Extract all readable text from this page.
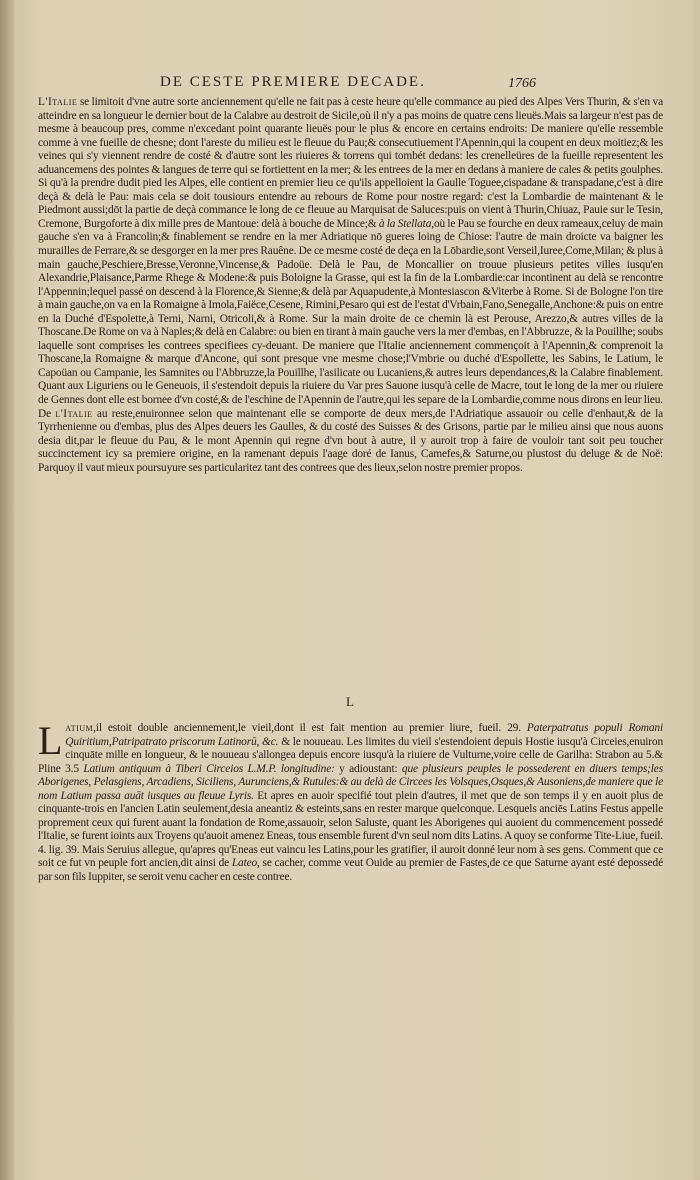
DE CESTE PREMIERE DECADE.	1766

L'Italie se limitoit d'vne autre sorte anciennement qu'elle ne fait pas à ceste heure qu'elle commance au pied des Alpes Vers Thurin, & s'en va atteindre en sa longueur le dernier bout de la Calabre au destroit de Sicile,où il n'y a pas moins de quatre cens lieuës.Mais sa largeur n'est pas de mesme à beaucoup pres, comme n'excedant point quarante lieuës pour le plus & encore en certains endroits: De maniere qu'elle ressemble comme à vne fueille de chesne; dont l'areste du milieu est le fleuue du Pau;& consecutiuement l'Apennin,qui la coupent en deux moitiez;& les veines qui s'y viennent rendre de costé & d'autre sont les riuieres & torrens qui tombét dedans: les crenelleüres de la fueille representent les aduancemens des pointes & langues de terre qui se fortiettent en la mer; & les entrees de la mer en dedans à maniere de cales & petits goulphes. Si qu'à la prendre dudit pied les Alpes, elle contient en premier lieu ce qu'ils appelloient la Gaulle Toguee,cispadane & transpadane,c'est à dire deçà & delà le Pau: mais cela se doit tousiours entendre au rebours de Rome pour nostre regard: c'est la Lombardie de maintenant & le Piedmont aussi;dōt la partie de deçà commance le long de ce fleuue au Marquisat de Saluces:puis on vient à Thurin,Chiuaz, Pauie sur le Tesin, Cremone, Burgoforte à dix mille pres de Mantoue: delà à bouche de Mince;& à la Stellata,où le Pau se fourche en deux rameaux,celuy de main gauche s'en va à Francolin;& finablement se rendre en la mer Adriatique nō gueres loing de Chiose: l'autre de main droicte va baigner les murailles de Ferrare,& se desgorger en la mer pres Rauêne. De ce mesme costé de deça en la Lōbardie,sont Verseil,Iuree,Come,Milan; & plus à main gauche,Peschiere,Bresse,Veronne,Vincense,& Padoüe. Delà le Pau, de Moncallier on trouue plusieurs petites villes iusqu'en Alexandrie,Plaisance,Parme Rhege & Modene:& puis Boloigne la Grasse, qui est la fin de la Lombardie:car incontinent au delà se rencontre l'Appennin;lequel passé on descend à la Florence,& Sienne;& delà par Aquapudente,à Montesiascon &Viterbe à Rome. Si de Bologne l'on tire à main gauche,on va en la Romaigne à Imola,Faiëce,Cesene, Rimini,Pesaro qui est de l'estat d'Vrbain,Fano,Senegalle,Anchone:& puis on entre en la Duché d'Espolette,à Terni, Narni, Otricoli,& à Rome. Sur la main droite de ce chemin là est Perouse, Arezzo,& autres villes de la Thoscane.De Rome on va à Naples;& delà en Calabre: ou bien en tirant à main gauche vers la mer d'embas, en l'Abbruzze, & la Pouillhe; soubs laquelle sont comprises les contrees specifiees cy-deuant. De maniere que l'Italie anciennement commençoit à l'Apennin,& comprenoit la Thoscane,la Romaigne & marque d'Ancone, qui sont presque vne mesme chose;l'Vmbrie ou duché d'Espollette, les Sabins, le Latium, le Capoüan ou Campanie, les Samnites ou l'Abbruzze,la Pouillhe, l'asilicate ou Lucaniens,& autres leurs dependances,& la Calabre finablement. Quant aux Liguriens ou le Geneuois, il s'estendoit depuis la riuiere du Var pres Sauone iusqu'à celle de Macre, tout le long de la mer ou riuiere de Gennes dont elle est bornee d'vn costé,& de l'eschine de l'Apennin de l'autre,qui les separe de la Lombardie,comme nous dirons en leur lieu. De l'Italie au reste,enuironnee selon que maintenant elle se comporte de deux mers,de l'Adriatique assauoir ou celle d'enhaut,& de la Tyrrhenienne ou d'embas, plus des Alpes deuers les Gaulles, & du costé des Suisses & des Grisons, partie par le milieu ainsi que nous auons desia dit,par le fleuue du Pau, & le mont Apennin qui regne d'vn bout à autre, il y auroit trop à faire de vouloir tant soit peu toucher succinctement icy sa premiere origine, en la ramenant depuis l'aage doré de Ianus, Camefes,& Saturne,ou plustost du deluge & de Noë: Parquoy il vaut mieux poursuyure ses particularitez tant des contrees que des lieux,selon nostre premier propos.

L
L atium,il estoit double anciennement,le vieil,dont il est fait mention au premier liure, fueil. 29. Paterpatratus populi Romani Quiritium,Patripatrato priscorum Latinorū, &c. & le nouueau. Les limites du vieil s'estendoient depuis Hostie iusqu'à Circeies,enuiron cinquāte mille en longueur, & le nouueau s'allongea depuis encore iusqu'à la riuiere de Vulturne,voire celle de Garilha: Strabon au 5.& Pline 3.5 Latium antiquum à Tiberi Circeios L.M.P. longitudine: y adioustant: que plusieurs peuples le possederent en diuers temps;les Aborigenes, Pelasgiens, Arcadiens, Siciliens, Aurunciens,& Rutules:& au delà de Circees les Volsques,Osques,& Ausoniens,de maniere que le nom Latium passa auāt iusques au fleuue Lyris. Et apres en auoir specifié tout plein d'autres, il met que de son temps il y en auoit plus de cinquante-trois en l'ancien Latin seulement,desia aneantiz & esteints,sans en rester marque quelconque. Lesquels anciēs Latins Festus appelle proprement ceux qui furent auant la fondation de Rome,assauoir, selon Saluste, quant les Aborigenes qui auoient du commencement possedé l'Italie, se furent ioints aux Troyens qu'auoit amenez Eneas, tous ensemble furent d'vn seul nom dits Latins. A quoy se conforme Tite-Liue, fueil. 4. lig. 39. Mais Seruius allegue, qu'apres qu'Eneas eut vaincu les Latins,pour les gratifier, il auroit donné leur nom à ses gens. Comment que ce soit ce fut vn peuple fort ancien,dit ainsi de Lateo, se cacher, comme veut Ouide au premier de Fastes,de ce que Saturne ayant esté depossedé par son fils Iuppiter, se seroit venu cacher en ceste contree.
